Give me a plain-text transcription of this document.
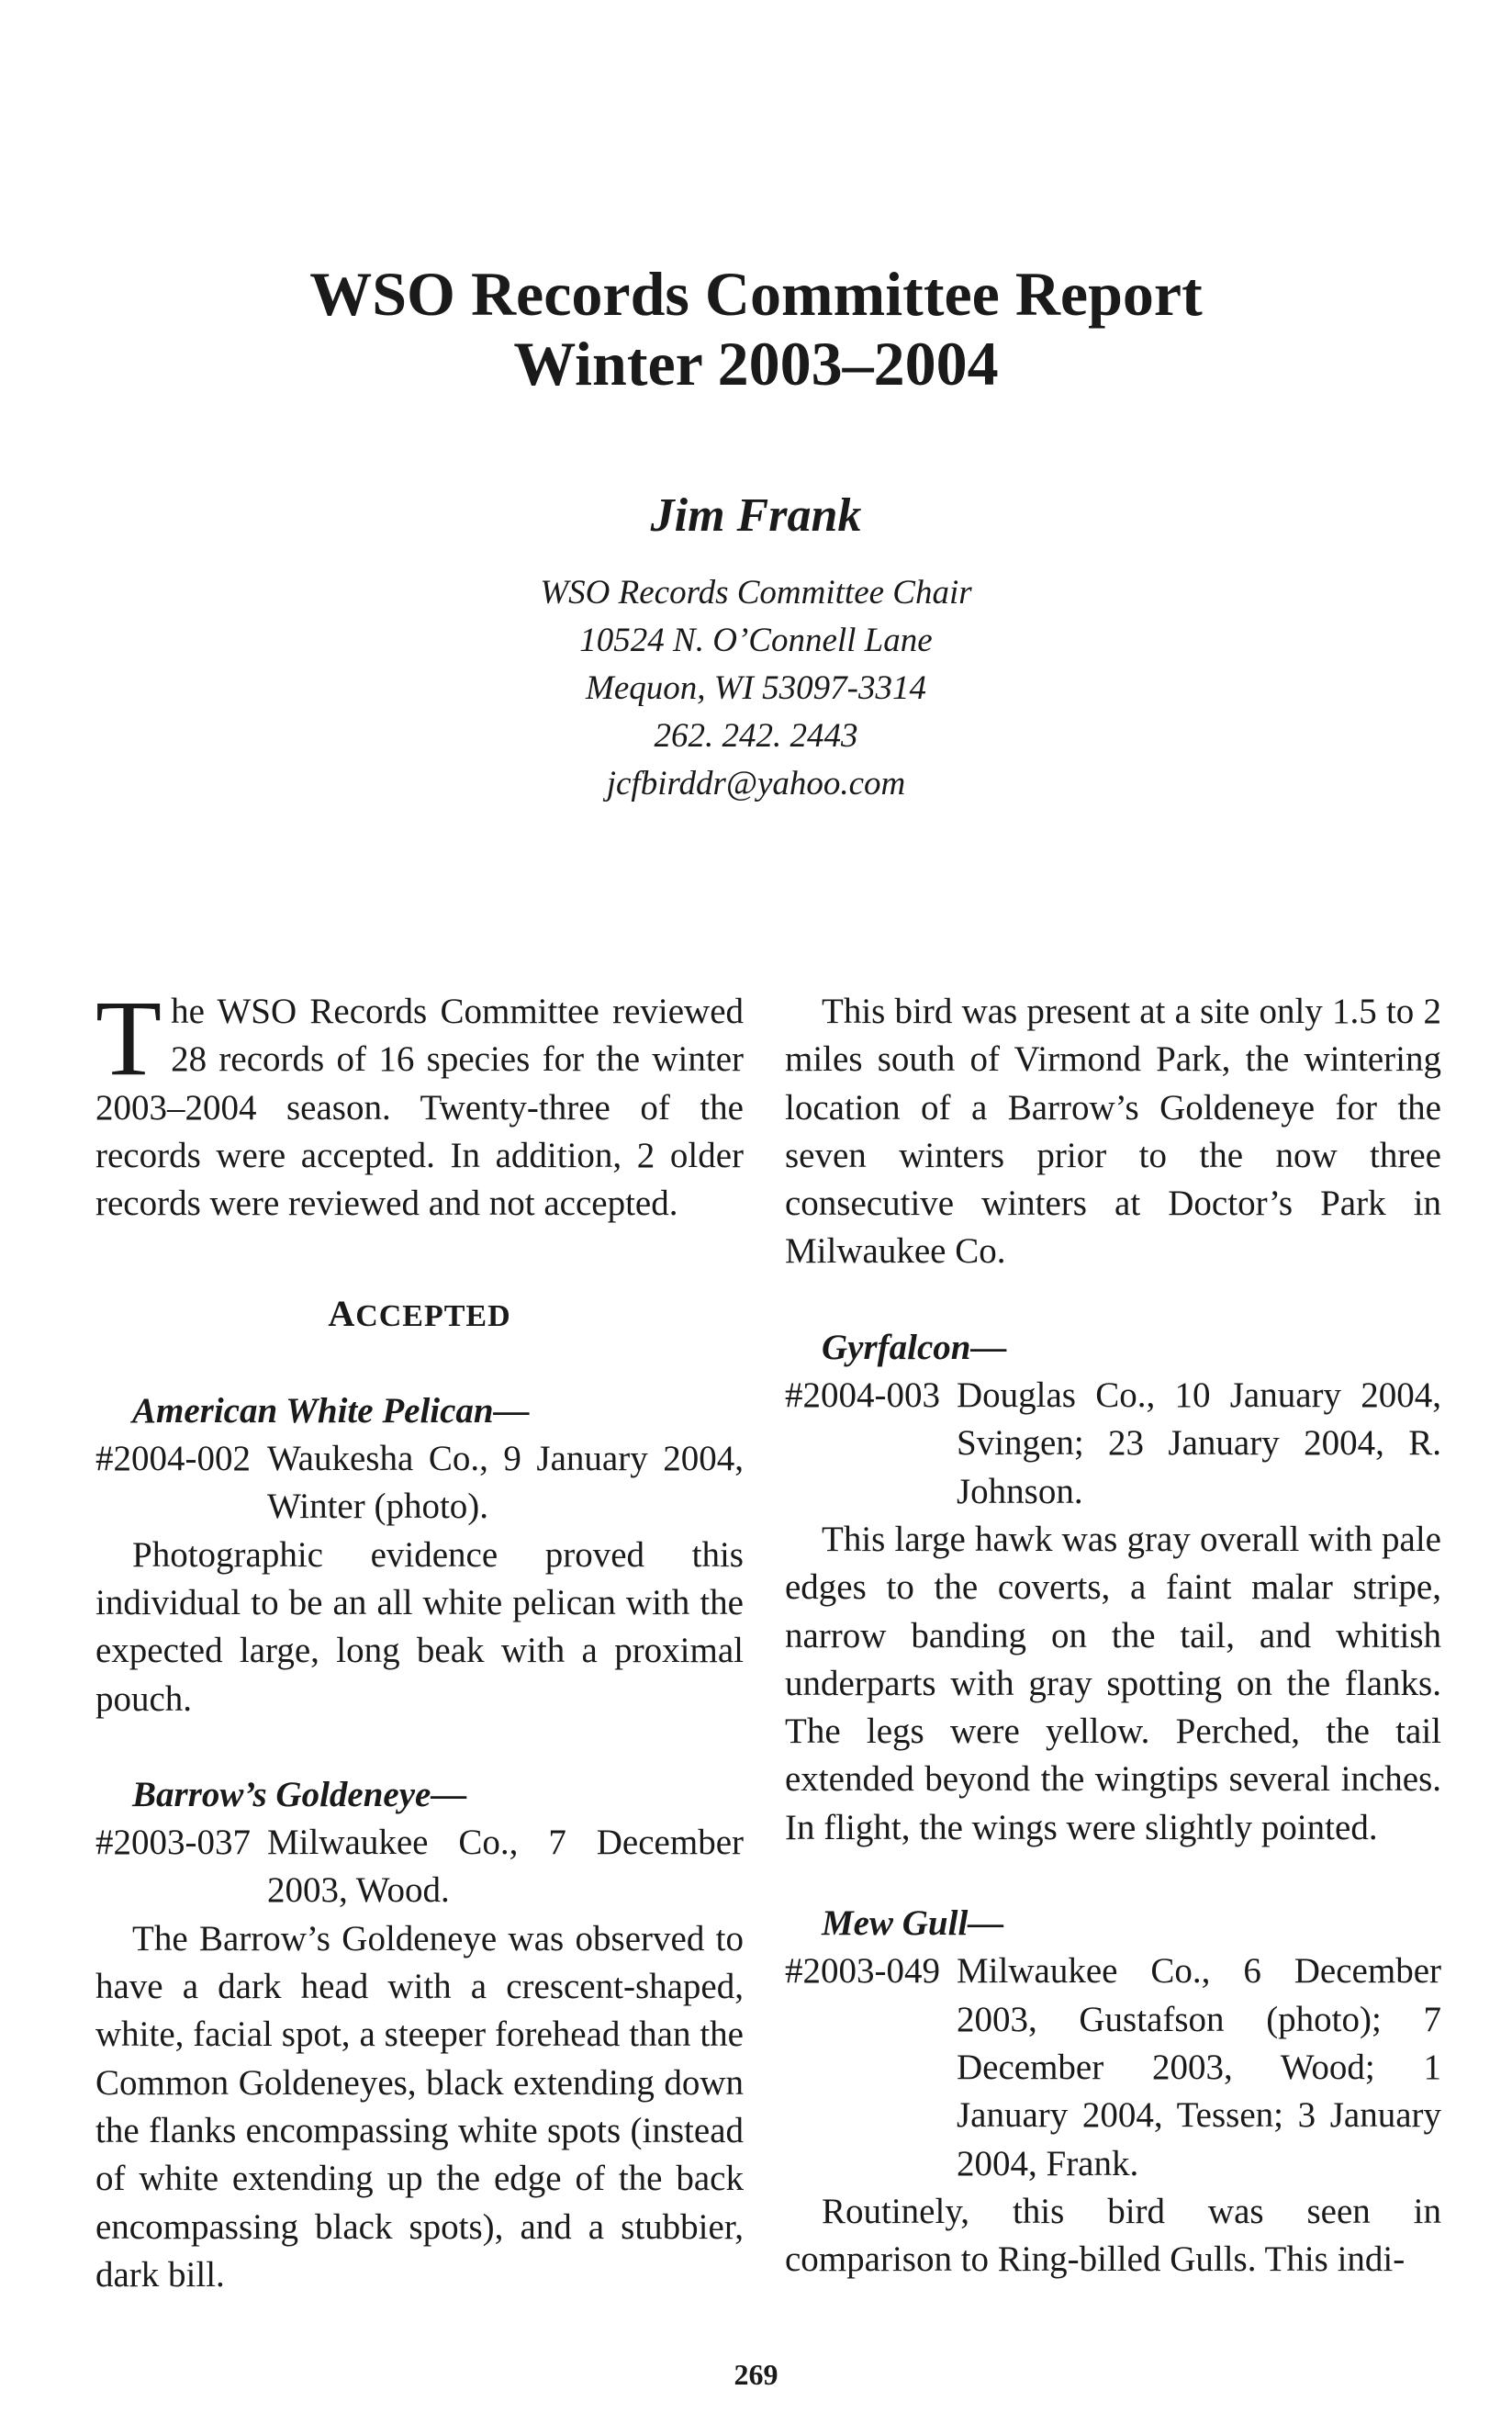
WSO Records Committee Report
Winter 2003–2004
Jim Frank
WSO Records Committee Chair
10524 N. O’Connell Lane
Mequon, WI 53097-3314
262. 242. 2443
jcfbirddr@yahoo.com

The WSO Records Committee reviewed 28 records of 16 species for the winter 2003–2004 season. Twenty-three of the records were accepted. In addition, 2 older records were reviewed and not accepted.

ACCEPTED
American White Pelican—
#2004-002 Waukesha Co., 9 January 2004, Winter (photo).

Photographic evidence proved this individual to be an all white pelican with the expected large, long beak with a proximal pouch.

Barrow’s Goldeneye—
#2003-037 Milwaukee Co., 7 December 2003, Wood.

The Barrow’s Goldeneye was observed to have a dark head with a crescent-shaped, white, facial spot, a steeper forehead than the Common Goldeneyes, black extending down the flanks encompassing white spots (instead of white extending up the edge of the back encompassing black spots), and a stubbier, dark bill.

This bird was present at a site only 1.5 to 2 miles south of Virmond Park, the wintering location of a Barrow’s Goldeneye for the seven winters prior to the now three consecutive winters at Doctor’s Park in Milwaukee Co.

Gyrfalcon—
#2004-003 Douglas Co., 10 January 2004, Svingen; 23 January 2004, R. Johnson.

This large hawk was gray overall with pale edges to the coverts, a faint malar stripe, narrow banding on the tail, and whitish underparts with gray spotting on the flanks. The legs were yellow. Perched, the tail extended beyond the wingtips several inches. In flight, the wings were slightly pointed.

Mew Gull—
#2003-049 Milwaukee Co., 6 December 2003, Gustafson (photo); 7 December 2003, Wood; 1 January 2004, Tessen; 3 January 2004, Frank.

Routinely, this bird was seen in comparison to Ring-billed Gulls. This indi-

269
